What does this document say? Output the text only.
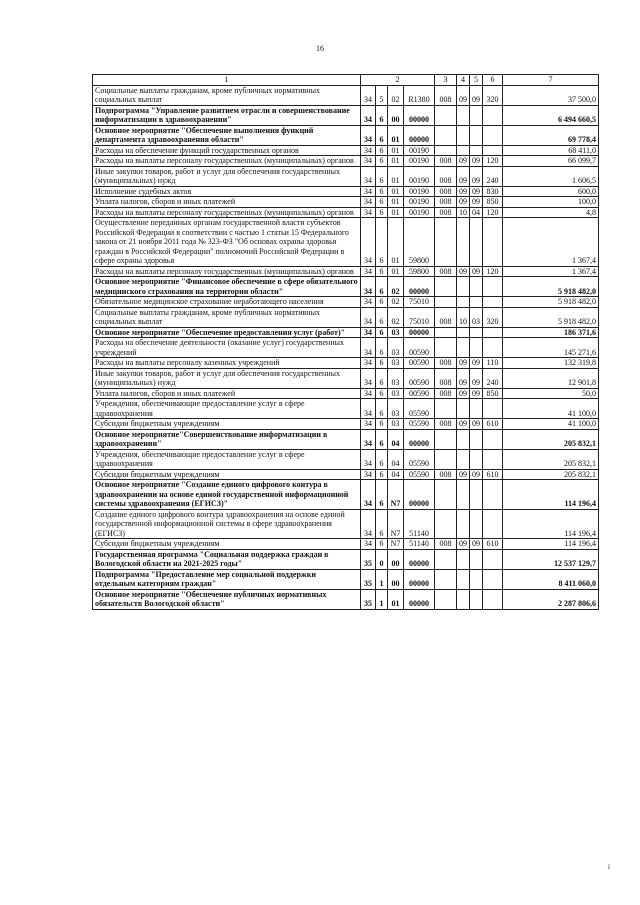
16
1	2				3	4	5	6	7
Социальные выплаты гражданам, кроме публичных нормативных социальных выплат	34	5	02	R1380	008	09	09	320	37 500,0
Подпрограмма "Управление развитием отрасли и совершенствование информатизации в здравоохранении"	34	6	00	00000					6 494 660,5
Основное мероприятие "Обеспечение выполнения функций департамента здравоохранения области"	34	6	01	00000					69 778,4
Расходы на обеспечение функций государственных органов	34	6	01	00190					68 411,0
Расходы на выплаты персоналу государственных (муниципальных) органов	34	6	01	00190	008	09	09	120	66 099,7
Иные закупки товаров, работ и услуг для обеспечения государственных (муниципальных) нужд	34	6	01	00190	008	09	09	240	1 606,5
Исполнение судебных актов	34	6	01	00190	008	09	09	830	600,0
Уплата налогов, сборов и иных платежей	34	6	01	00190	008	09	09	850	100,0
Расходы на выплаты персоналу государственных (муниципальных) органов	34	6	01	00190	008	10	04	120	4,8
Осуществление переданных органам государственной власти субъектов Российской Федерации в соответствии с частью 1 статьи 15 Федерального закона от 21 ноября 2011 года № 323-ФЗ "Об основах охраны здоровья граждан в Российской Федерации" полномочий Российской Федерации в сфере охраны здоровья	34	6	01	59800					1 367,4
Расходы на выплаты персоналу государственных (муниципальных) органов	34	6	01	59800	008	09	09	120	1 367,4
Основное мероприятие "Финансовое обеспечение в сфере обязательного медицинского страхования на территории области"	34	6	02	00000					5 918 482,0
Обязательное медицинское страхование неработающего населения	34	6	02	75010					5 918 482,0
Социальные выплаты гражданам, кроме публичных нормативных социальных выплат	34	6	02	75010	008	10	03	320	5 918 482,0
Основное мероприятие "Обеспечение предоставления услуг (работ)"	34	6	03	00000					186 371,6
Расходы на обеспечение деятельности (оказание услуг) государственных учреждений	34	6	03	00590					145 271,6
Расходы на выплаты персоналу казенных учреждений	34	6	03	00590	008	09	09	110	132 319,8
Иные закупки товаров, работ и услуг для обеспечения государственных (муниципальных) нужд	34	6	03	00590	008	09	09	240	12 901,8
Уплата налогов, сборов и иных платежей	34	6	03	00590	008	09	09	850	50,0
Учреждения, обеспечивающие предоставление услуг в сфере здравоохранения	34	6	03	05590					41 100,0
Субсидии бюджетным учреждениям	34	6	03	05590	008	09	09	610	41 100,0
Основное мероприятие"Совершенствование информатизации в здравоохранении"	34	6	04	00000					205 832,1
Учреждения, обеспечивающие предоставление услуг в сфере здравоохранения	34	6	04	05590					205 832,1
Субсидии бюджетным учреждениям	34	6	04	05590	008	09	09	610	205 832,1
Основное мероприятие "Создание единого цифрового контура в здравоохранении на основе единой государственной информационной системы здравоохранения (ЕГИСЗ)"	34	6	N7	00000					114 196,4
Создание единого цифрового контура здравоохранения на основе единой государственной информационной системы в сфере здравоохранения (ЕГИСЗ)	34	6	N7	51140					114 196,4
Субсидии бюджетным учреждениям	34	6	N7	51140	008	09	09	610	114 196,4
Государственная программа "Социальная поддержка граждан в Вологодской области на 2021-2025 годы"	35	0	00	00000					12 537 129,7
Подпрограмма "Предоставление мер социальной поддержки отдельным категориям граждан"	35	1	00	00000					8 411 060,0
Основное мероприятие "Обеспечение публичных нормативных обязательств Вологодской области"	35	1	01	00000					2 287 806,6
i
